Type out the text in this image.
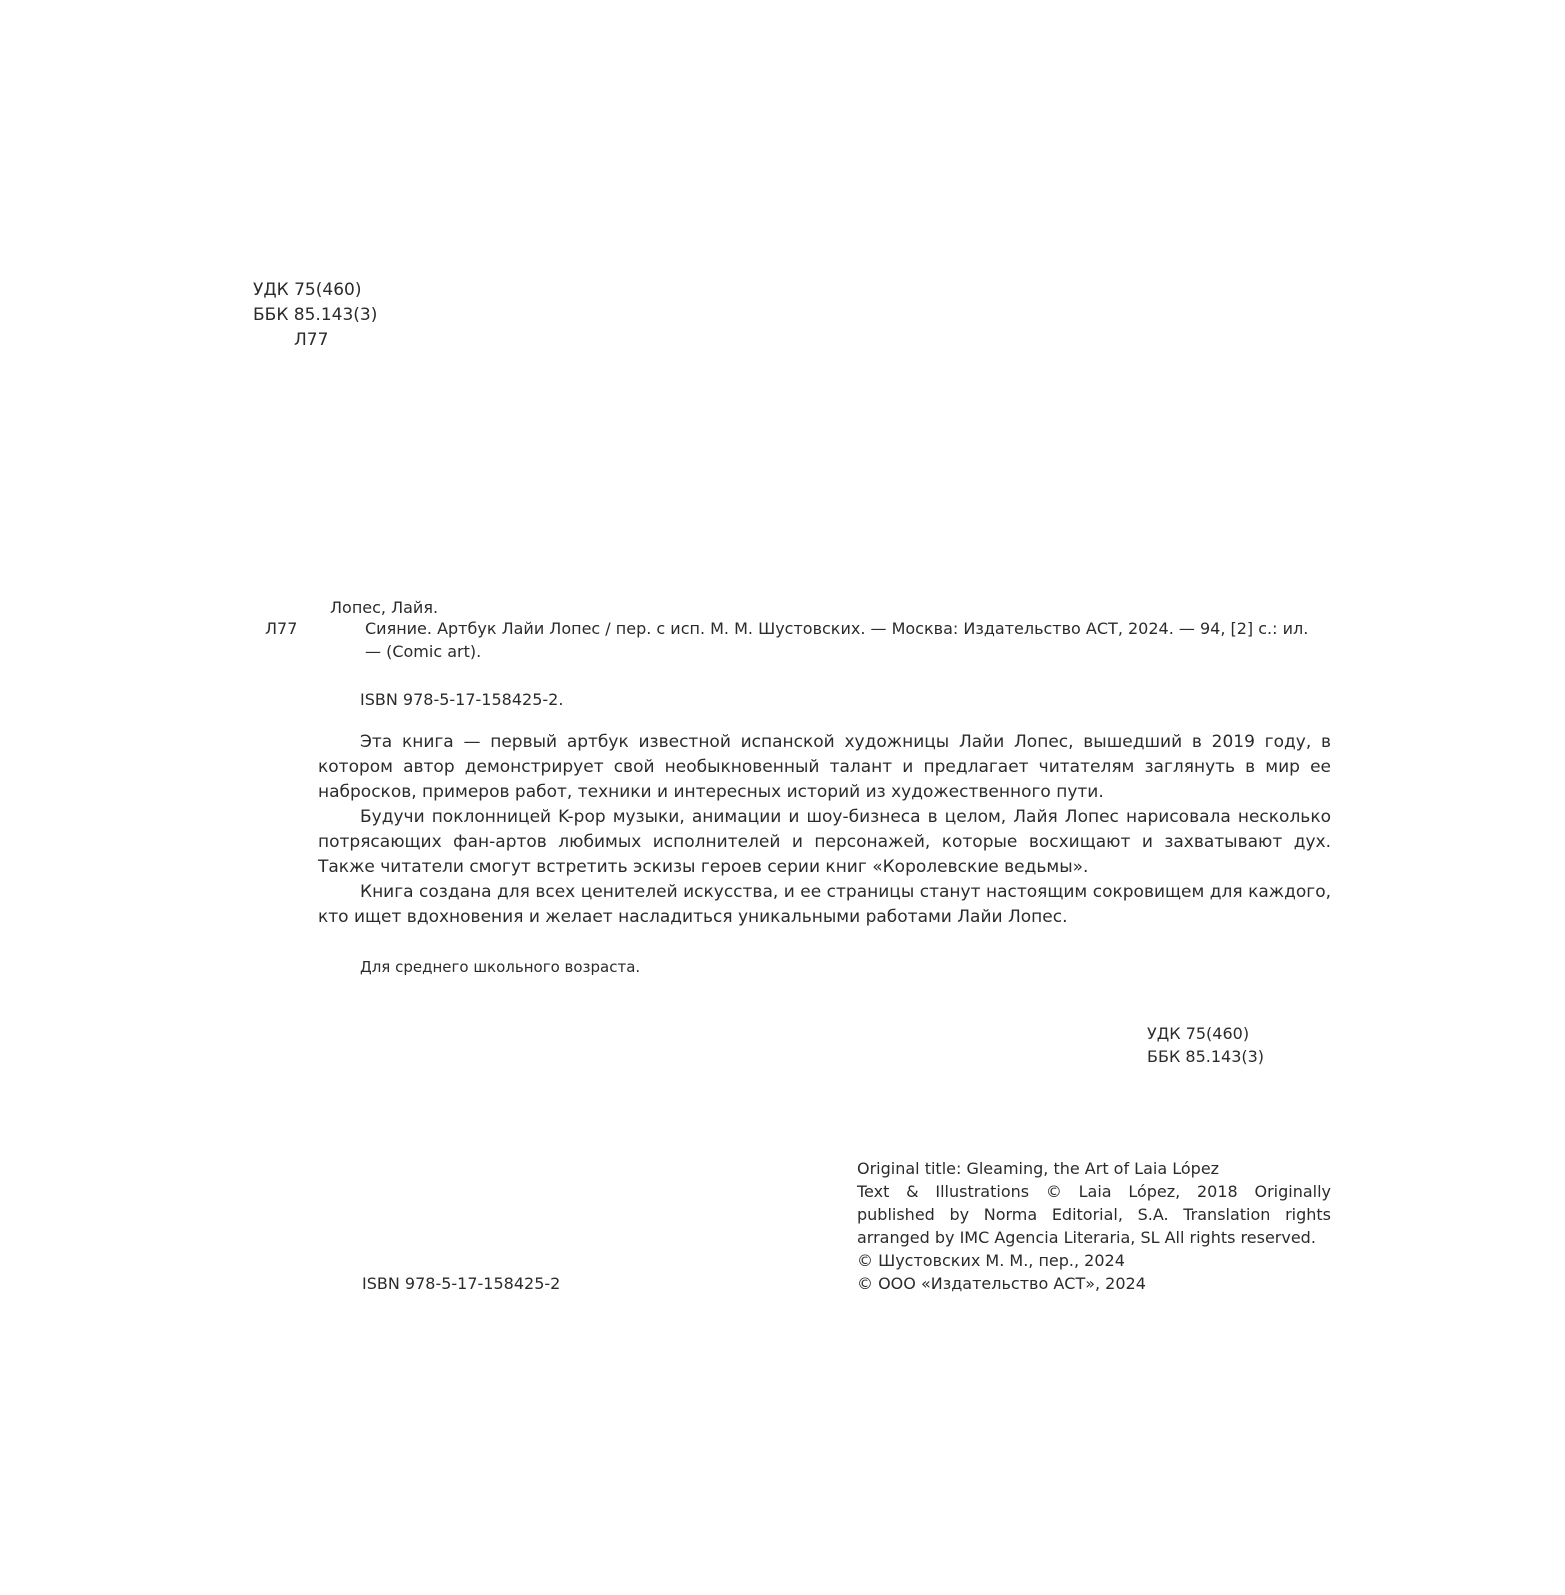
УДК 75(460)
ББК 85.143(3)
Л77
Лопес, Лайя.
Л77	Сияние. Артбук Лайи Лопес / пер. с исп. М. М. Шустовских. — Москва: Издательство АСТ, 2024. — 94, [2] с.: ил. — (Comic art).
ISBN 978-5-17-158425-2.

Эта книга — первый артбук известной испанской художницы Лайи Лопес, вышедший в 2019 году, в котором автор демонстрирует свой необыкновенный талант и предлагает читателям заглянуть в мир ее набросков, примеров работ, техники и интересных историй из художественного пути.

Будучи поклонницей K-pop музыки, анимации и шоу-бизнеса в целом, Лайя Лопес нарисовала несколько потрясающих фан-артов любимых исполнителей и персонажей, которые восхищают и захватывают дух. Также читатели смогут встретить эскизы героев серии книг «Королевские ведьмы».

Книга создана для всех ценителей искусства, и ее страницы станут настоящим сокровищем для каждого, кто ищет вдохновения и желает насладиться уникальными работами Лайи Лопес.

Для среднего школьного возраста.
УДК 75(460)
ББК 85.143(3)
Original title: Gleaming, the Art of Laia López
Text & Illustrations © Laia López, 2018 Originally published by Norma Editorial, S.A. Translation rights arranged by IMC Agencia Literaria, SL All rights reserved.
© Шустовских М. М., пер., 2024
© ООО «Издательство АСТ», 2024
ISBN 978-5-17-158425-2
